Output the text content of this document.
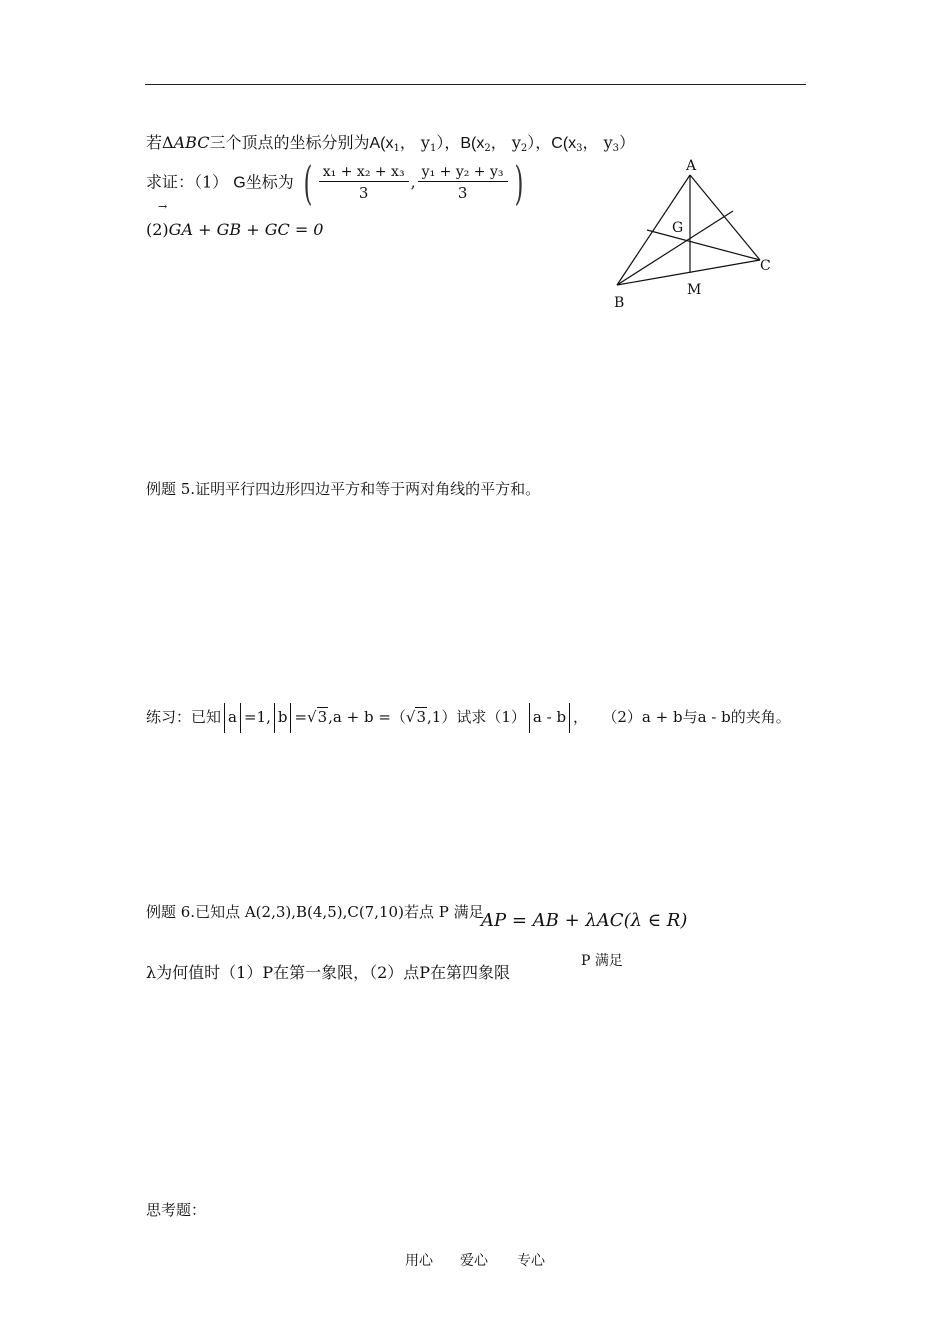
若ΔABC三个顶点的坐标分别为$A(x_1$， $y_1$），$B(x_2$， $y_2$），$C(x_3$， $y_3$）
求证：（1） G坐标为 ( $\frac{\text{x₁ + x₂ + x₃}}{3}$ , $\frac{\text{y₁ + y₂ + y₃}}{3}$ )
→
(2)GA + GB + GC = 0
A
B
C
G
M
例题 5.证明平行四边形四边平方和等于两对角线的平方和。
练习：已知 a =1, b =√3,a + b =（√3,1）试求（1） a - b ， （2）a + b与a - b的夹角。
例题 6.已知点 A(2,3),B(4,5),C(7,10)若点 P 满足
AP = AB + λAC(λ ∈ R)
λ为何值时（1）P在第一象限，（2）点P在第四象限
P 满足
思考题：
用心 爱心 专心
